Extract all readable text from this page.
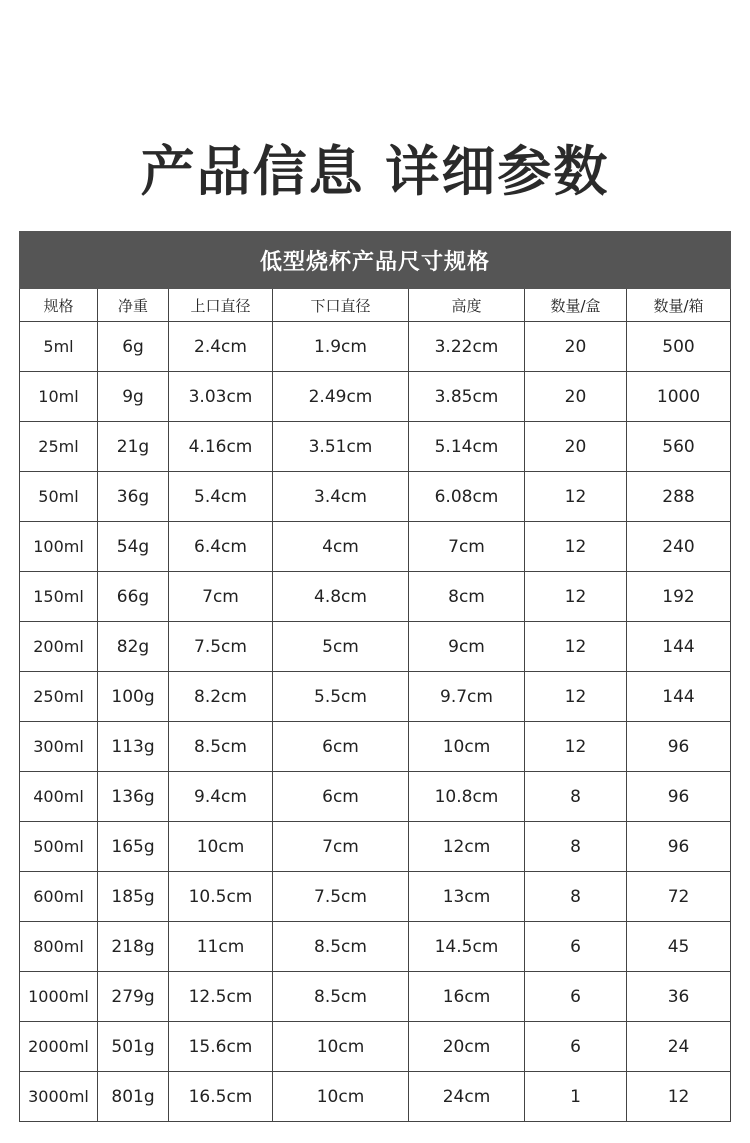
产品信息 详细参数
低型烧杯产品尺寸规格						
规格	净重	上口直径	下口直径	高度	数量/盒	数量/箱
5ml	6g	2.4cm	1.9cm	3.22cm	20	500
10ml	9g	3.03cm	2.49cm	3.85cm	20	1000
25ml	21g	4.16cm	3.51cm	5.14cm	20	560
50ml	36g	5.4cm	3.4cm	6.08cm	12	288
100ml	54g	6.4cm	4cm	7cm	12	240
150ml	66g	7cm	4.8cm	8cm	12	192
200ml	82g	7.5cm	5cm	9cm	12	144
250ml	100g	8.2cm	5.5cm	9.7cm	12	144
300ml	113g	8.5cm	6cm	10cm	12	96
400ml	136g	9.4cm	6cm	10.8cm	8	96
500ml	165g	10cm	7cm	12cm	8	96
600ml	185g	10.5cm	7.5cm	13cm	8	72
800ml	218g	11cm	8.5cm	14.5cm	6	45
1000ml	279g	12.5cm	8.5cm	16cm	6	36
2000ml	501g	15.6cm	10cm	20cm	6	24
3000ml	801g	16.5cm	10cm	24cm	1	12
